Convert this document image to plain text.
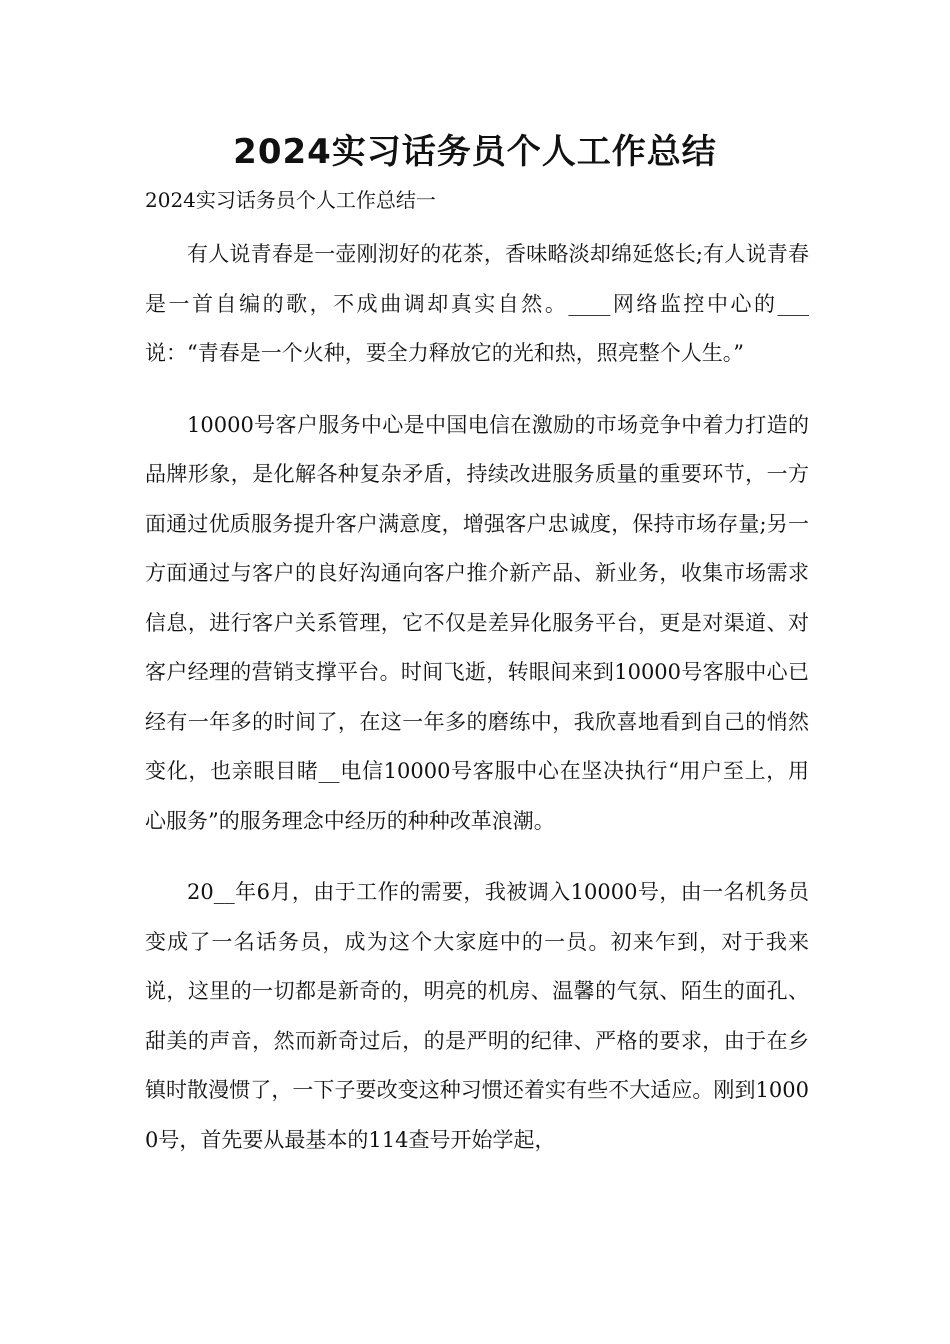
2024实习话务员个人工作总结
2024实习话务员个人工作总结一

有人说青春是一壶刚沏好的花茶，香味略淡却绵延悠长;有人说青春是一首自编的歌，不成曲调却真实自然。____网络监控中心的___说：“青春是一个火种，要全力释放它的光和热，照亮整个人生。”

10000号客户服务中心是中国电信在激励的市场竞争中着力打造的品牌形象，是化解各种复杂矛盾，持续改进服务质量的重要环节，一方面通过优质服务提升客户满意度，增强客户忠诚度，保持市场存量;另一方面通过与客户的良好沟通向客户推介新产品、新业务，收集市场需求信息，进行客户关系管理，它不仅是差异化服务平台，更是对渠道、对客户经理的营销支撑平台。时间飞逝，转眼间来到10000号客服中心已经有一年多的时间了，在这一年多的磨练中，我欣喜地看到自己的悄然变化，也亲眼目睹__电信10000号客服中心在坚决执行“用户至上，用心服务”的服务理念中经历的种种改革浪潮。

20__年6月，由于工作的需要，我被调入10000号，由一名机务员变成了一名话务员，成为这个大家庭中的一员。初来乍到，对于我来说，这里的一切都是新奇的，明亮的机房、温馨的气氛、陌生的面孔、甜美的声音，然而新奇过后，的是严明的纪律、严格的要求，由于在乡镇时散漫惯了，一下子要改变这种习惯还着实有些不大适应。刚到10000号，首先要从最基本的114查号开始学起，
